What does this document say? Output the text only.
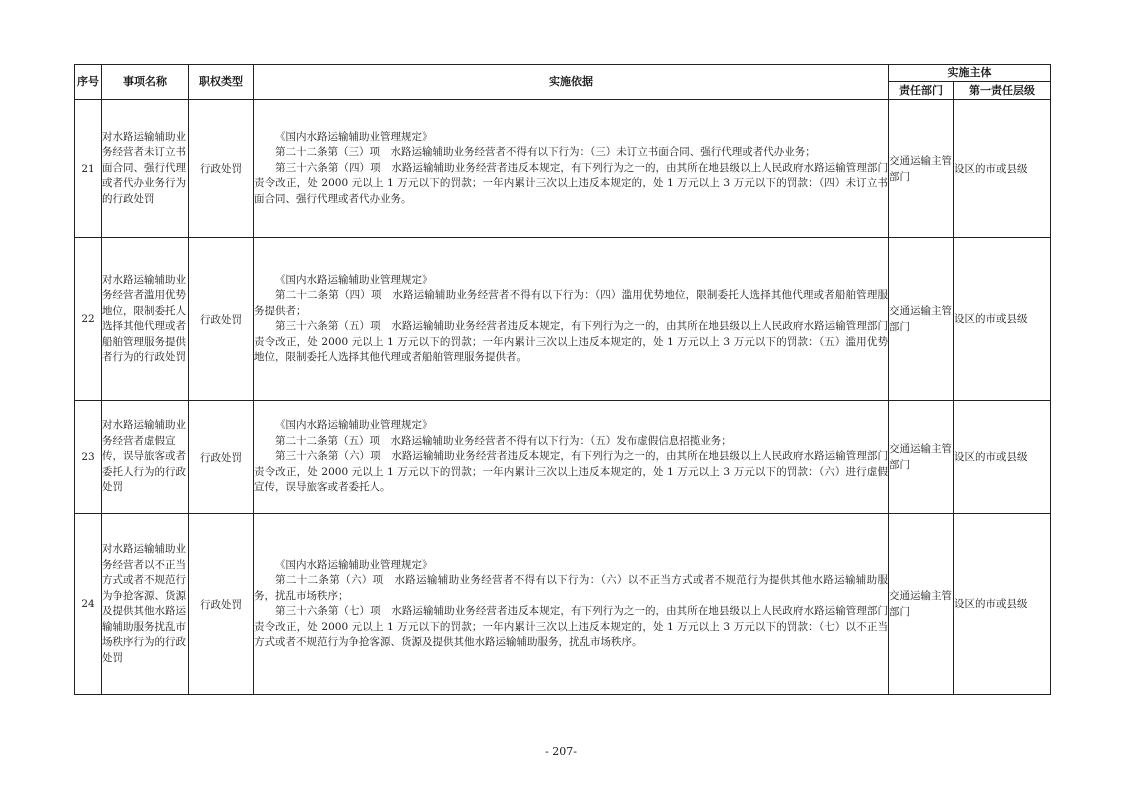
序号	事项名称	职权类型	实施依据	实施主体	
				责任部门	第一责任层级
21	对水路运输辅助业务经营者未订立书面合同、强行代理或者代办业务行为的行政处罚	行政处罚	《国内水路运输辅助业管理规定》

第二十二条第（三）项　水路运输辅助业务经营者不得有以下行为：（三）未订立书面合同、强行代理或者代办业务；

第三十六条第（四）项　水路运输辅助业务经营者违反本规定，有下列行为之一的，由其所在地县级以上人民政府水路运输管理部门责令改正，处 2000 元以上 1 万元以下的罚款；一年内累计三次以上违反本规定的，处 1 万元以上 3 万元以下的罚款：（四）未订立书面合同、强行代理或者代办业务。	交通运输主管部门	设区的市或县级
22	对水路运输辅助业务经营者滥用优势地位，限制委托人选择其他代理或者船舶管理服务提供者行为的行政处罚	行政处罚	《国内水路运输辅助业管理规定》

第二十二条第（四）项　水路运输辅助业务经营者不得有以下行为：（四）滥用优势地位，限制委托人选择其他代理或者船舶管理服务提供者；

第三十六条第（五）项　水路运输辅助业务经营者违反本规定，有下列行为之一的，由其所在地县级以上人民政府水路运输管理部门责令改正，处 2000 元以上 1 万元以下的罚款；一年内累计三次以上违反本规定的，处 1 万元以上 3 万元以下的罚款：（五）滥用优势地位，限制委托人选择其他代理或者船舶管理服务提供者。	交通运输主管部门	设区的市或县级
23	对水路运输辅助业务经营者虚假宣传，误导旅客或者委托人行为的行政处罚	行政处罚	《国内水路运输辅助业管理规定》

第二十二条第（五）项　水路运输辅助业务经营者不得有以下行为：（五）发布虚假信息招揽业务；

第三十六条第（六）项　水路运输辅助业务经营者违反本规定，有下列行为之一的，由其所在地县级以上人民政府水路运输管理部门责令改正，处 2000 元以上 1 万元以下的罚款；一年内累计三次以上违反本规定的，处 1 万元以上 3 万元以下的罚款：（六）进行虚假宣传，误导旅客或者委托人。	交通运输主管部门	设区的市或县级
24	对水路运输辅助业务经营者以不正当方式或者不规范行为争抢客源、货源及提供其他水路运输辅助服务扰乱市场秩序行为的行政处罚	行政处罚	《国内水路运输辅助业管理规定》

第二十二条第（六）项　水路运输辅助业务经营者不得有以下行为：（六）以不正当方式或者不规范行为提供其他水路运输辅助服务，扰乱市场秩序；

第三十六条第（七）项　水路运输辅助业务经营者违反本规定，有下列行为之一的，由其所在地县级以上人民政府水路运输管理部门责令改正，处 2000 元以上 1 万元以下的罚款；一年内累计三次以上违反本规定的，处 1 万元以上 3 万元以下的罚款：（七）以不正当方式或者不规范行为争抢客源、货源及提供其他水路运输辅助服务，扰乱市场秩序。	交通运输主管部门	设区的市或县级
- 207-
